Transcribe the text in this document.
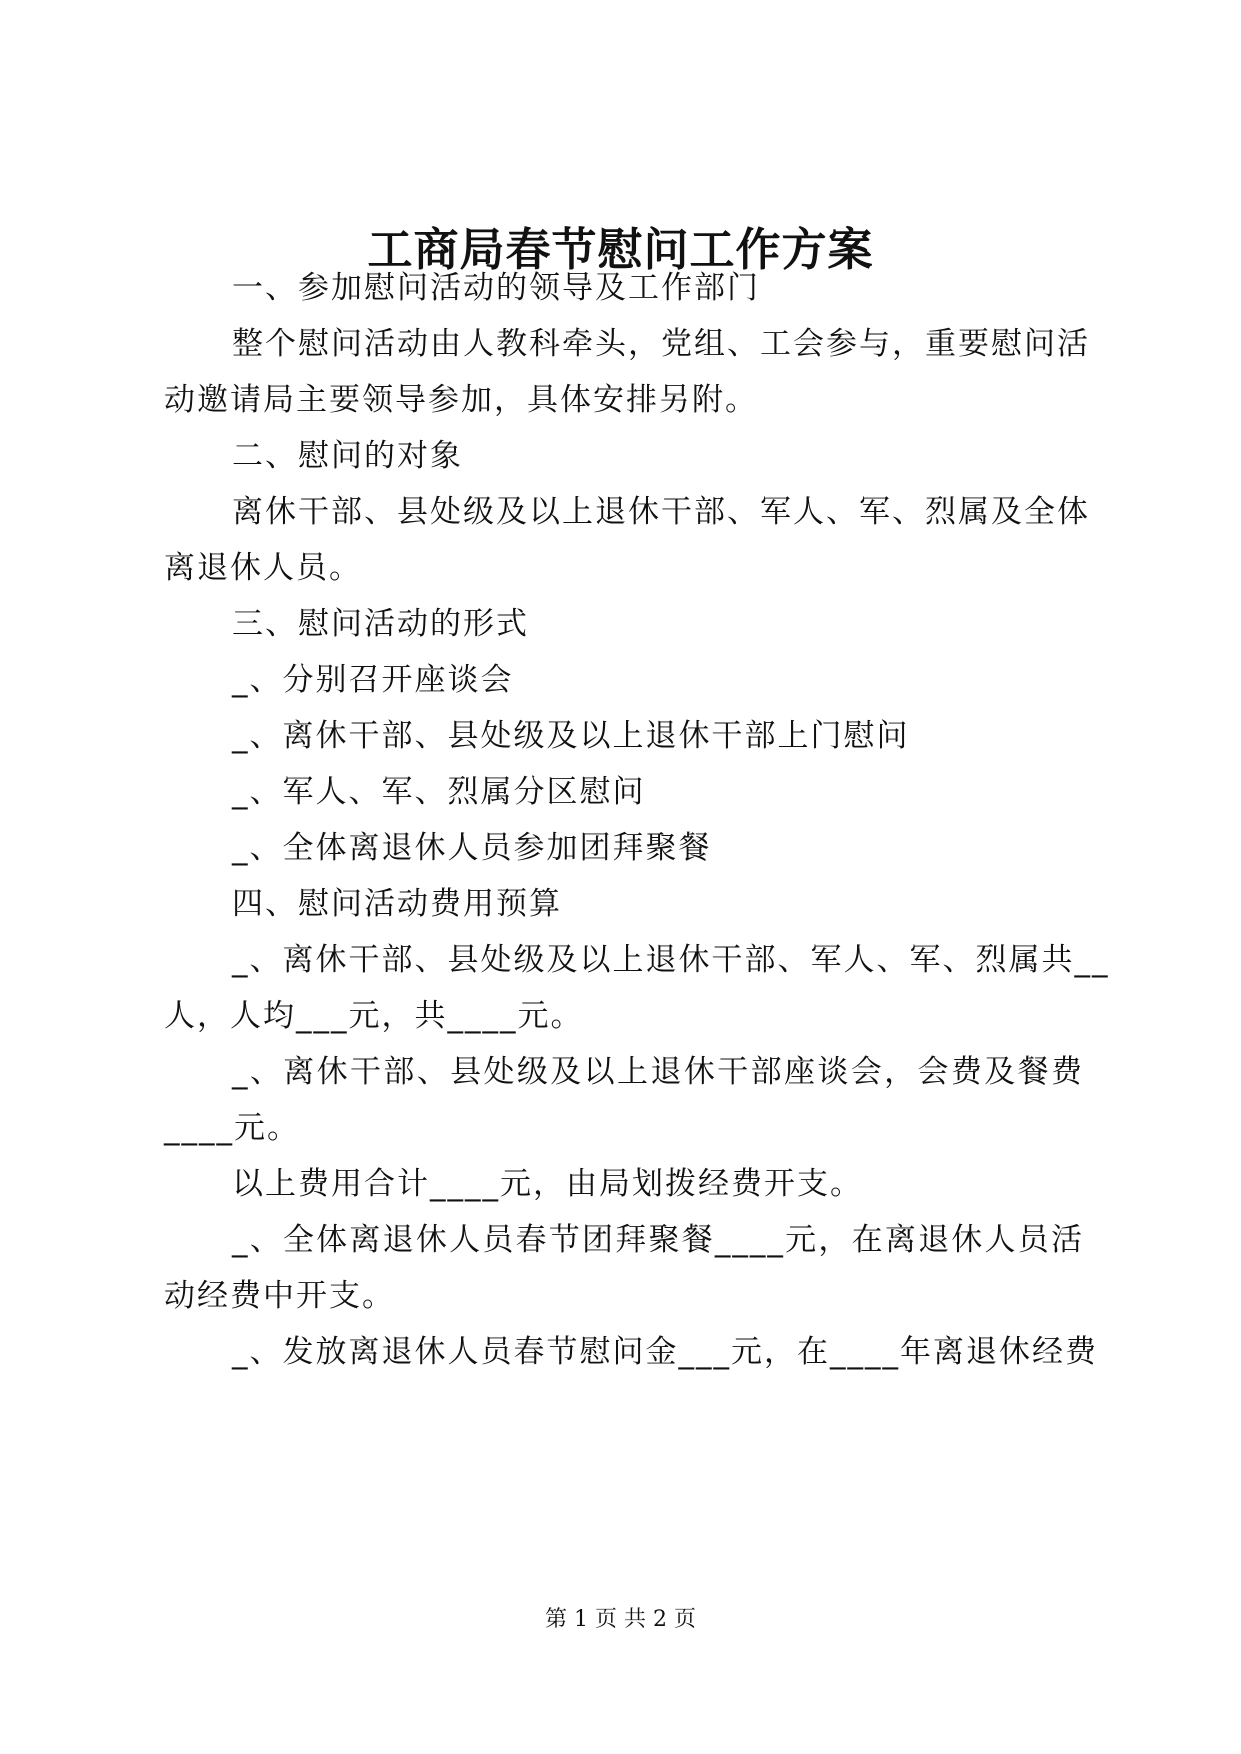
工商局春节慰问工作方案
一、参加慰问活动的领导及工作部门
整个慰问活动由人教科牵头，党组、工会参与，重要慰问活
动邀请局主要领导参加，具体安排另附。
二、慰问的对象
离休干部、县处级及以上退休干部、军人、军、烈属及全体
离退休人员。
三、慰问活动的形式
_、分别召开座谈会
_、离休干部、县处级及以上退休干部上门慰问
_、军人、军、烈属分区慰问
_、全体离退休人员参加团拜聚餐
四、慰问活动费用预算
_、离休干部、县处级及以上退休干部、军人、军、烈属共__
人，人均___元，共____元。
_、离休干部、县处级及以上退休干部座谈会，会费及餐费
____元。
以上费用合计____元，由局划拨经费开支。
_、全体离退休人员春节团拜聚餐____元，在离退休人员活
动经费中开支。
_、发放离退休人员春节慰问金___元，在____年离退休经费
第 1 页 共 2 页
